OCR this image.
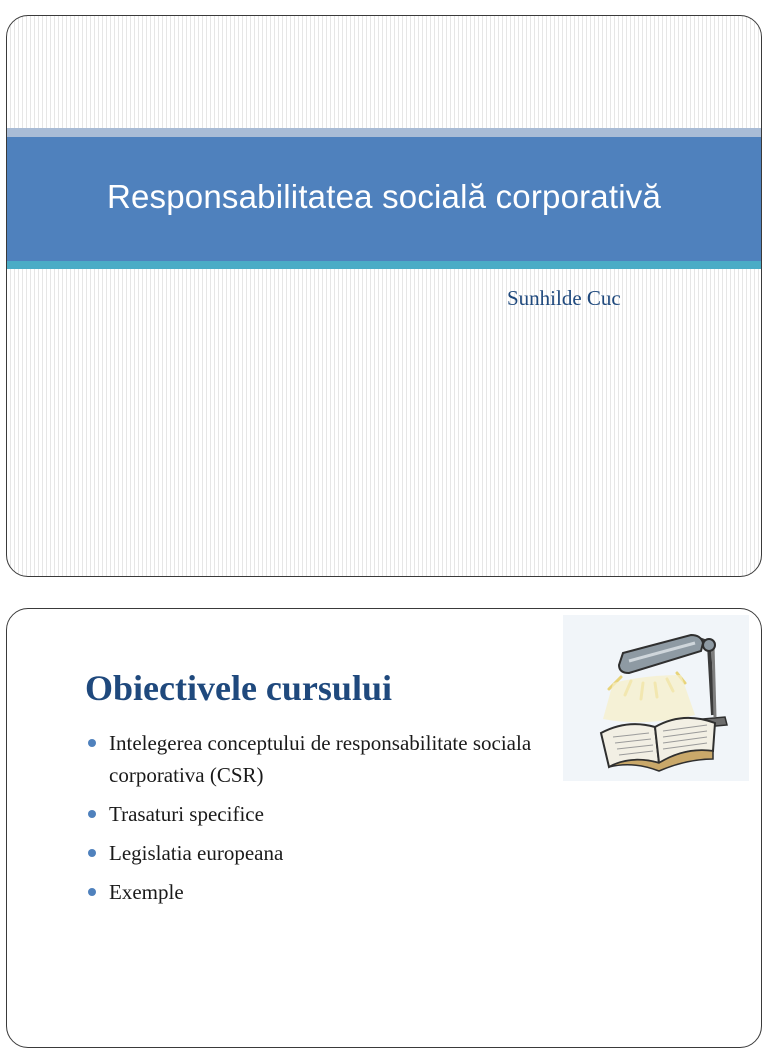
Responsabilitatea socială corporativă
Sunhilde Cuc
Obiectivele cursului
Intelegerea conceptului de responsabilitate sociala corporativa (CSR)
Trasaturi specifice
Legislatia europeana
Exemple
